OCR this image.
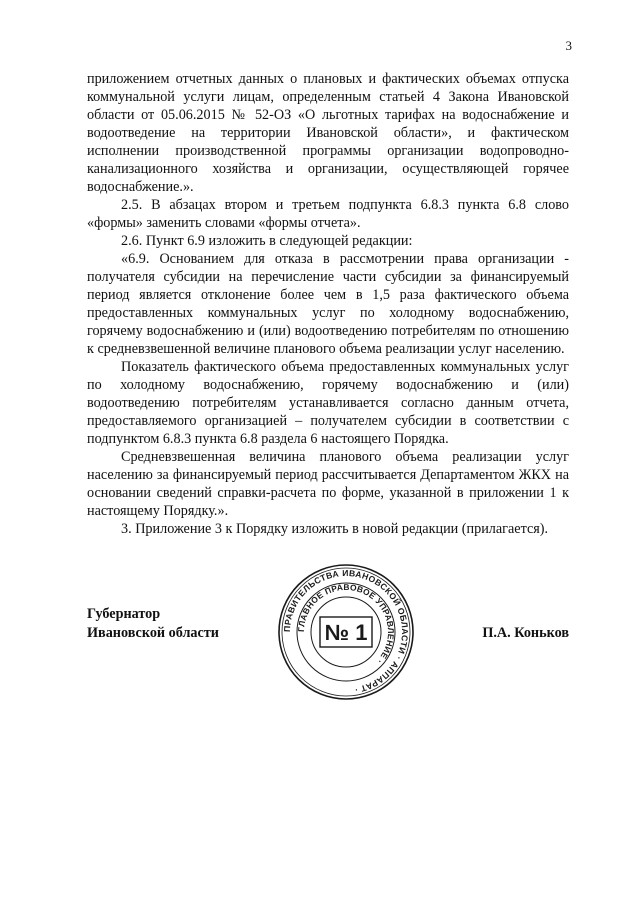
3

приложением отчетных данных о плановых и фактических объемах отпуска коммунальной услуги лицам, определенным статьей 4 Закона Ивановской области от 05.06.2015 № 52-ОЗ «О льготных тарифах на водоснабжение и водоотведение на территории Ивановской области», и фактическом исполнении производственной программы организации водопроводно-канализационного хозяйства и организации, осуществляющей горячее водоснабжение.».

2.5. В абзацах втором и третьем подпункта 6.8.3 пункта 6.8 слово «формы» заменить словами «формы отчета».

2.6. Пункт 6.9 изложить в следующей редакции:

«6.9. Основанием для отказа в рассмотрении права организации - получателя субсидии на перечисление части субсидии за финансируемый период является отклонение более чем в 1,5 раза фактического объема предоставленных коммунальных услуг по холодному водоснабжению, горячему водоснабжению и (или) водоотведению потребителям по отношению к средневзвешенной величине планового объема реализации услуг населению.

Показатель фактического объема предоставленных коммунальных услуг по холодному водоснабжению, горячему водоснабжению и (или) водоотведению потребителям устанавливается согласно данным отчета, предоставляемого организацией – получателем субсидии в соответствии с подпунктом 6.8.3 пункта 6.8 раздела 6 настоящего Порядка.

Средневзвешенная величина планового объема реализации услуг населению за финансируемый период рассчитывается Департаментом ЖКХ на основании сведений справки-расчета по форме, указанной в приложении 1 к настоящему Порядку.».

3. Приложение 3 к Порядку изложить в новой редакции (прилагается).

Губернатор
Ивановской области	П.А. Коньков
ПРАВИТЕЛЬСТВА ИВАНОВСКОЙ ОБЛАСТИ · АППАРАТ ·
ГЛАВНОЕ ПРАВОВОЕ УПРАВЛЕНИЕ ·
№ 1
